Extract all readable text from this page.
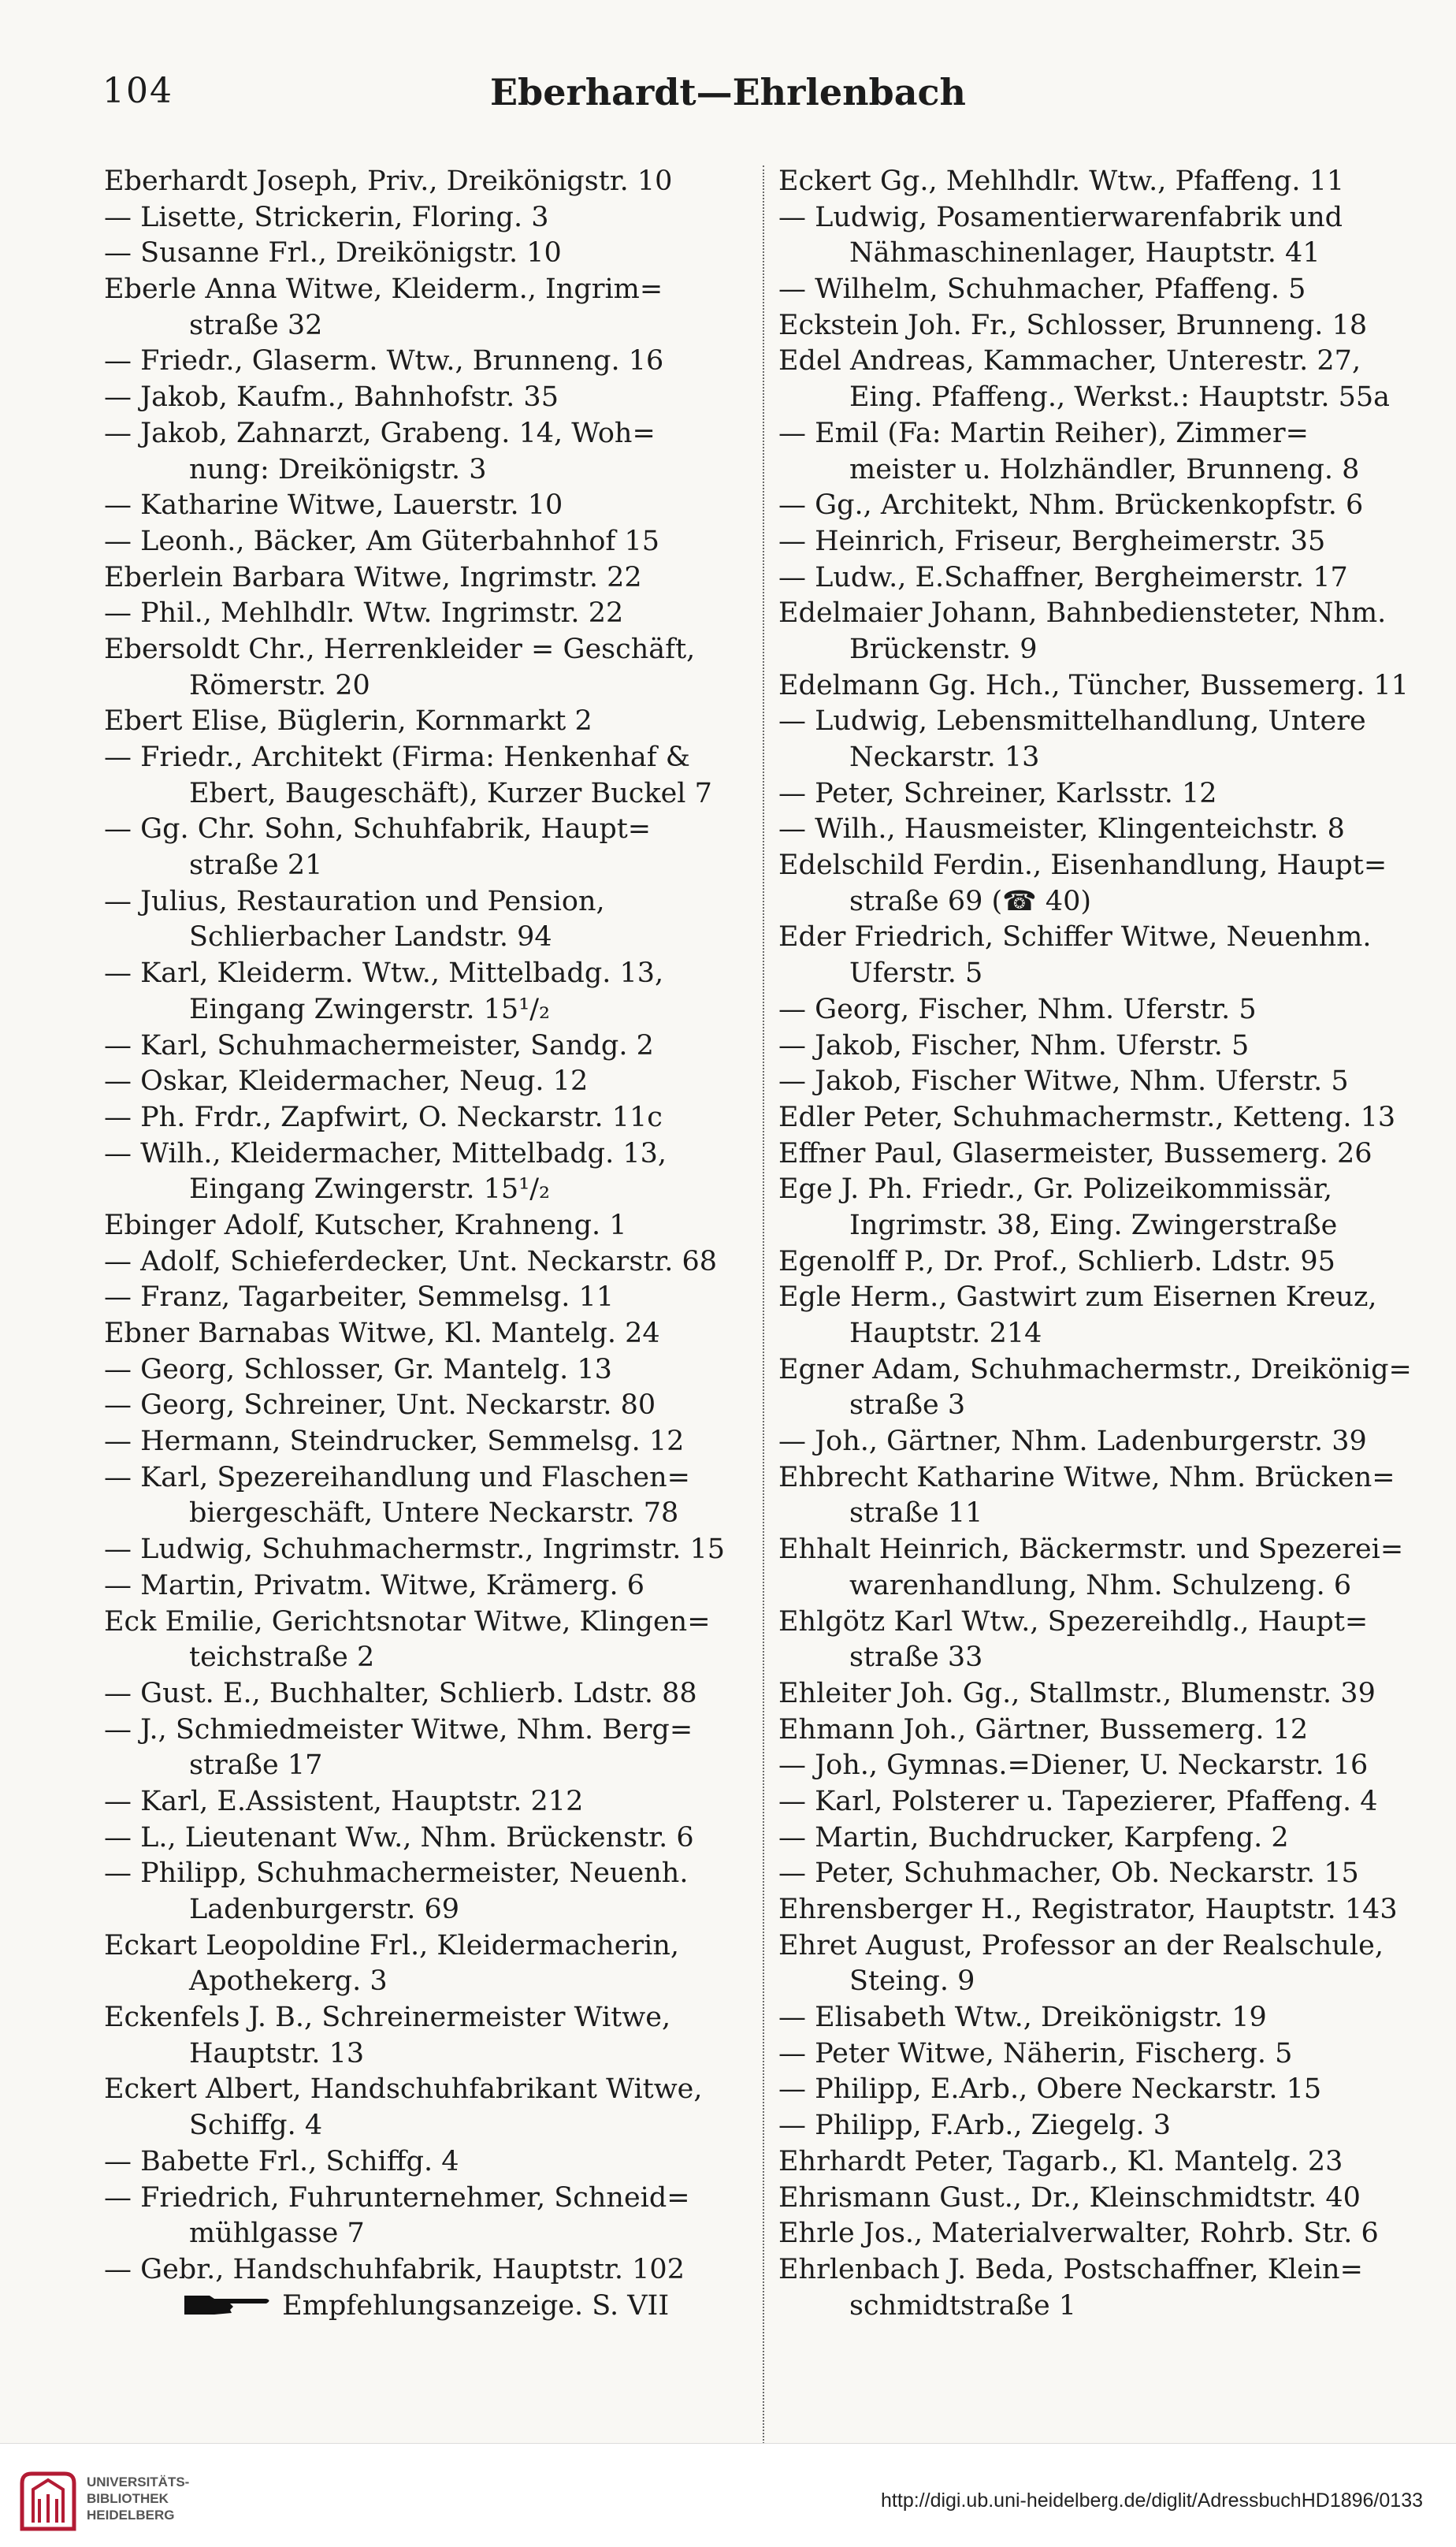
104	Eberhardt—Ehrlenbach
Eberhardt Joseph, Priv., Dreikönigstr. 10
— Lisette, Strickerin, Floring. 3
— Susanne Frl., Dreikönigstr. 10
Eberle Anna Witwe, Kleiderm., Ingrim=
straße 32
— Friedr., Glaserm. Wtw., Brunneng. 16
— Jakob, Kaufm., Bahnhofstr. 35
— Jakob, Zahnarzt, Grabeng. 14, Woh=
nung: Dreikönigstr. 3
— Katharine Witwe, Lauerstr. 10
— Leonh., Bäcker, Am Güterbahnhof 15
Eberlein Barbara Witwe, Ingrimstr. 22
— Phil., Mehlhdlr. Wtw. Ingrimstr. 22
Ebersoldt Chr., Herrenkleider = Geschäft,
Römerstr. 20
Ebert Elise, Büglerin, Kornmarkt 2
— Friedr., Architekt (Firma: Henkenhaf &
Ebert, Baugeschäft), Kurzer Buckel 7
— Gg. Chr. Sohn, Schuhfabrik, Haupt=
straße 21
— Julius, Restauration und Pension,
Schlierbacher Landstr. 94
— Karl, Kleiderm. Wtw., Mittelbadg. 13,
Eingang Zwingerstr. 15¹/₂
— Karl, Schuhmachermeister, Sandg. 2
— Oskar, Kleidermacher, Neug. 12
— Ph. Frdr., Zapfwirt, O. Neckarstr. 11c
— Wilh., Kleidermacher, Mittelbadg. 13,
Eingang Zwingerstr. 15¹/₂
Ebinger Adolf, Kutscher, Krahneng. 1
— Adolf, Schieferdecker, Unt. Neckarstr. 68
— Franz, Tagarbeiter, Semmelsg. 11
Ebner Barnabas Witwe, Kl. Mantelg. 24
— Georg, Schlosser, Gr. Mantelg. 13
— Georg, Schreiner, Unt. Neckarstr. 80
— Hermann, Steindrucker, Semmelsg. 12
— Karl, Spezereihandlung und Flaschen=
biergeschäft, Untere Neckarstr. 78
— Ludwig, Schuhmachermstr., Ingrimstr. 15
— Martin, Privatm. Witwe, Krämerg. 6
Eck Emilie, Gerichtsnotar Witwe, Klingen=
teichstraße 2
— Gust. E., Buchhalter, Schlierb. Ldstr. 88
— J., Schmiedmeister Witwe, Nhm. Berg=
straße 17
— Karl, E.Assistent, Hauptstr. 212
— L., Lieutenant Ww., Nhm. Brückenstr. 6
— Philipp, Schuhmachermeister, Neuenh.
Ladenburgerstr. 69
Eckart Leopoldine Frl., Kleidermacherin,
Apothekerg. 3
Eckenfels J. B., Schreinermeister Witwe,
Hauptstr. 13
Eckert Albert, Handschuhfabrikant Witwe,
Schiffg. 4
— Babette Frl., Schiffg. 4
— Friedrich, Fuhrunternehmer, Schneid=
mühlgasse 7
— Gebr., Handschuhfabrik, Hauptstr. 102
Empfehlungsanzeige. S. VII
Eckert Gg., Mehlhdlr. Wtw., Pfaffeng. 11
— Ludwig, Posamentierwarenfabrik und
Nähmaschinenlager, Hauptstr. 41
— Wilhelm, Schuhmacher, Pfaffeng. 5
Eckstein Joh. Fr., Schlosser, Brunneng. 18
Edel Andreas, Kammacher, Unterestr. 27,
Eing. Pfaffeng., Werkst.: Hauptstr. 55a
— Emil (Fa: Martin Reiher), Zimmer=
meister u. Holzhändler, Brunneng. 8
— Gg., Architekt, Nhm. Brückenkopfstr. 6
— Heinrich, Friseur, Bergheimerstr. 35
— Ludw., E.Schaffner, Bergheimerstr. 17
Edelmaier Johann, Bahnbediensteter, Nhm.
Brückenstr. 9
Edelmann Gg. Hch., Tüncher, Bussemerg. 11
— Ludwig, Lebensmittelhandlung, Untere
Neckarstr. 13
— Peter, Schreiner, Karlsstr. 12
— Wilh., Hausmeister, Klingenteichstr. 8
Edelschild Ferdin., Eisenhandlung, Haupt=
straße 69 (☎ 40)
Eder Friedrich, Schiffer Witwe, Neuenhm.
Uferstr. 5
— Georg, Fischer, Nhm. Uferstr. 5
— Jakob, Fischer, Nhm. Uferstr. 5
— Jakob, Fischer Witwe, Nhm. Uferstr. 5
Edler Peter, Schuhmachermstr., Ketteng. 13
Effner Paul, Glasermeister, Bussemerg. 26
Ege J. Ph. Friedr., Gr. Polizeikommissär,
Ingrimstr. 38, Eing. Zwingerstraße
Egenolff P., Dr. Prof., Schlierb. Ldstr. 95
Egle Herm., Gastwirt zum Eisernen Kreuz,
Hauptstr. 214
Egner Adam, Schuhmachermstr., Dreikönig=
straße 3
— Joh., Gärtner, Nhm. Ladenburgerstr. 39
Ehbrecht Katharine Witwe, Nhm. Brücken=
straße 11
Ehhalt Heinrich, Bäckermstr. und Spezerei=
warenhandlung, Nhm. Schulzeng. 6
Ehlgötz Karl Wtw., Spezereihdlg., Haupt=
straße 33
Ehleiter Joh. Gg., Stallmstr., Blumenstr. 39
Ehmann Joh., Gärtner, Bussemerg. 12
— Joh., Gymnas.=Diener, U. Neckarstr. 16
— Karl, Polsterer u. Tapezierer, Pfaffeng. 4
— Martin, Buchdrucker, Karpfeng. 2
— Peter, Schuhmacher, Ob. Neckarstr. 15
Ehrensberger H., Registrator, Hauptstr. 143
Ehret August, Professor an der Realschule,
Steing. 9
— Elisabeth Wtw., Dreikönigstr. 19
— Peter Witwe, Näherin, Fischerg. 5
— Philipp, E.Arb., Obere Neckarstr. 15
— Philipp, F.Arb., Ziegelg. 3
Ehrhardt Peter, Tagarb., Kl. Mantelg. 23
Ehrismann Gust., Dr., Kleinschmidtstr. 40
Ehrle Jos., Materialverwalter, Rohrb. Str. 6
Ehrlenbach J. Beda, Postschaffner, Klein=
schmidtstraße 1
UNIVERSITÄTS-
BIBLIOTHEK
HEIDELBERG
http://digi.ub.uni-heidelberg.de/diglit/AdressbuchHD1896/0133
